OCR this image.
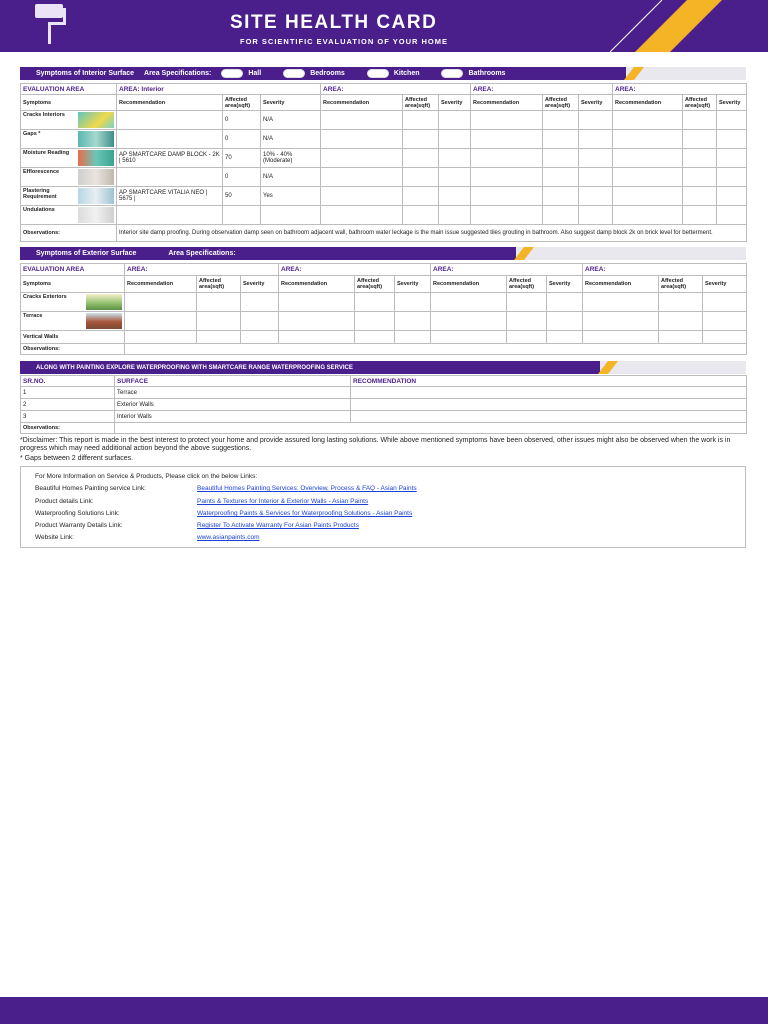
SITE HEALTH CARD
FOR SCIENTIFIC EVALUATION OF YOUR HOME
Symptoms of Interior Surface Area Specifications:	Hall	Bedrooms	Kitchen	Bathrooms
EVALUATION AREA	AREA: Interior			AREA:			AREA:			AREA:		
Symptoms	Recommendation	Affected area(sqft)	Severity	Recommendation	Affected area(sqft)	Severity	Recommendation	Affected area(sqft)	Severity	Recommendation	Affected area(sqft)	Severity

Cracks Interiors		0	N/A									

Gaps *		0	N/A									

Moisture Reading	AP SMARTCARE DAMP BLOCK - 2K | 5610	70	10% - 40% (Moderate)									

Efflorescence		0	N/A									

Plastering Requirement	AP SMARTCARE VITALIA NEO | 5675 |	50	Yes									

Undulations												
Observations:	Interior site damp proofing. During observation damp seen on bathroom adjacent wall, bathroom water leckage is the main issue suggested tiles grouting in bathroom. Also suggest damp block 2k on brick level for betterment.											
Symptoms of Exterior Surface	Area Specifications:
EVALUATION AREA	AREA:			AREA:			AREA:			AREA:		
Symptoms	Recommendation	Affected area(sqft)	Severity	Recommendation	Affected area(sqft)	Severity	Recommendation	Affected area(sqft)	Severity	Recommendation	Affected area(sqft)	Severity

Cracks Exteriors												

Terrace												
Vertical Walls												
Observations:												
ALONG WITH PAINTING EXPLORE WATERPROOFING WITH SMARTCARE RANGE WATERPROOFING SERVICE
SR.NO.	SURFACE	RECOMMENDATION
1	Terrace	
2	Exterior Walls	
3	Interior Walls	
Observations:		
*Disclaimer: This report is made in the best interest to protect your home and provide assured long lasting solutions. While above mentioned symptoms have been observed, other issues might also be observed when the work is in progress which may need additional action beyond the above suggestions.
* Gaps between 2 different surfaces.
For More Information on Service & Products, Please click on the below Links:
Beautiful Homes Painting service Link:	Beautiful Homes Painting Services: Overview, Process & FAQ - Asian Paints
Product details Link:	Paints & Textures for Interior & Exterior Walls - Asian Paints
Waterproofing Solutions Link:	Waterproofing Paints & Services for Waterproofing Solutions - Asian Paints
Product Warranty Details Link:	Register To Activate Warranty For Asian Paints Products
Website Link:	www.asianpaints.com
